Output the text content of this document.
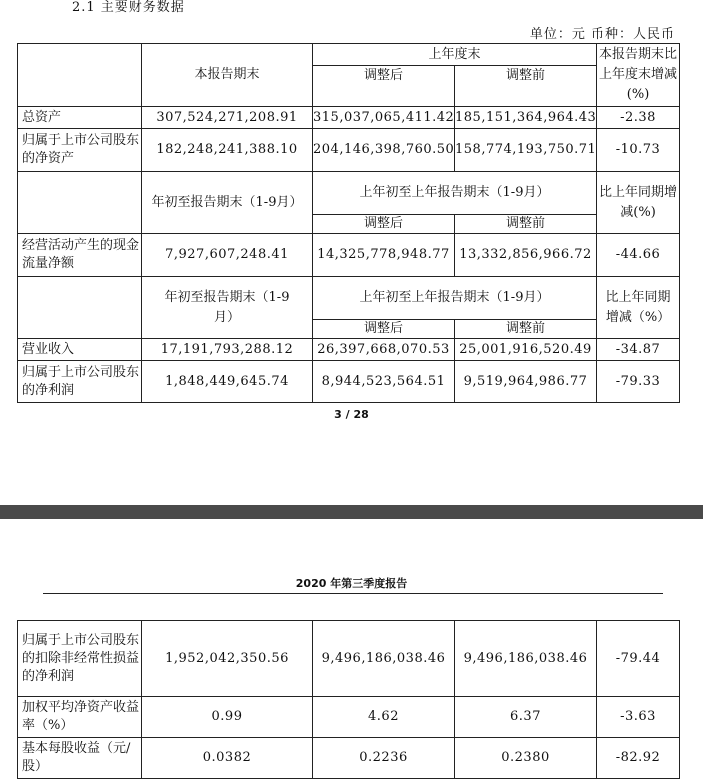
2.1 主要财务数据
单位：元 币种：人民币
	本报告期末	上年度末		本报告期末比上年度末增减(%)
		调整后	调整前	
总资产	307,524,271,208.91	315,037,065,411.42	185,151,364,964.43	-2.38
归属于上市公司股东的净资产	182,248,241,388.10	204,146,398,760.50	158,774,193,750.71	-10.73
	年初至报告期末（1-9月）	上年初至上年报告期末（1-9月）		比上年同期增减(%)
		调整后	调整前	
经营活动产生的现金流量净额	7,927,607,248.41	14,325,778,948.77	13,332,856,966.72	-44.66
	年初至报告期末（1-9月）	上年初至上年报告期末（1-9月）		比上年同期增减（%）
		调整后	调整前	
营业收入	17,191,793,288.12	26,397,668,070.53	25,001,916,520.49	-34.87
归属于上市公司股东的净利润	1,848,449,645.74	8,944,523,564.51	9,519,964,986.77	-79.33
3 / 28
2020 年第三季度报告
归属于上市公司股东的扣除非经常性损益的净利润	1,952,042,350.56	9,496,186,038.46	9,496,186,038.46	-79.44
加权平均净资产收益率（%）	0.99	4.62	6.37	-3.63
基本每股收益（元/股）	0.0382	0.2236	0.2380	-82.92
